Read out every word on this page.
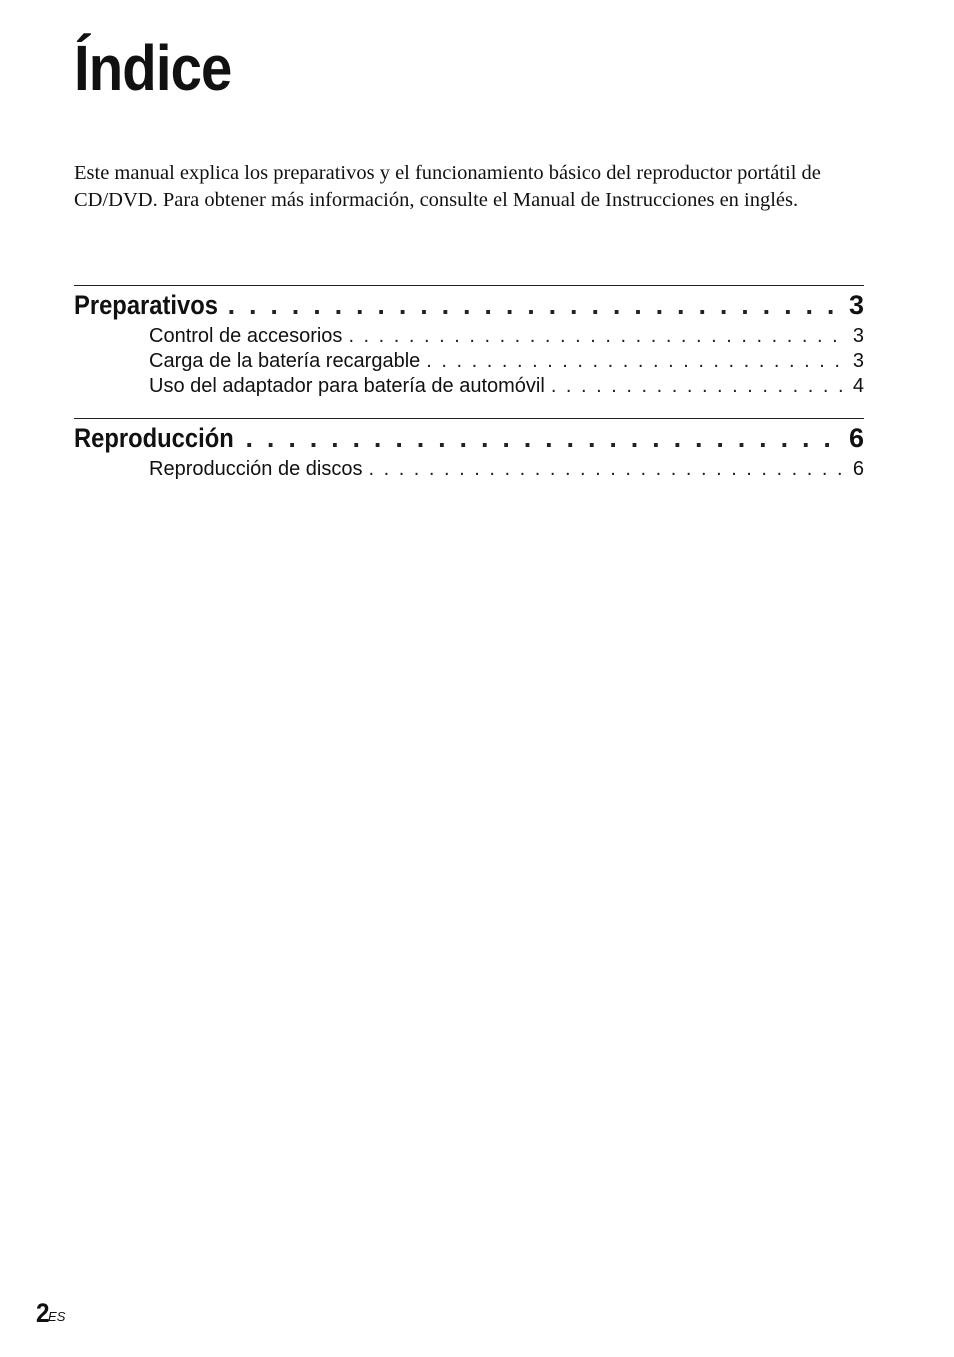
Índice

Este manual explica los preparativos y el funcionamiento básico del reproductor portátil de CD/DVD. Para obtener más información, consulte el Manual de Instrucciones en inglés.

Preparativos . . .	3
Control de accesorios . . .	3
Carga de la batería recargable . . .	3
Uso del adaptador para batería de automóvil . . .	4
Reproducción . . .	6
Reproducción de discos . . .	6
$2^{ES}$
